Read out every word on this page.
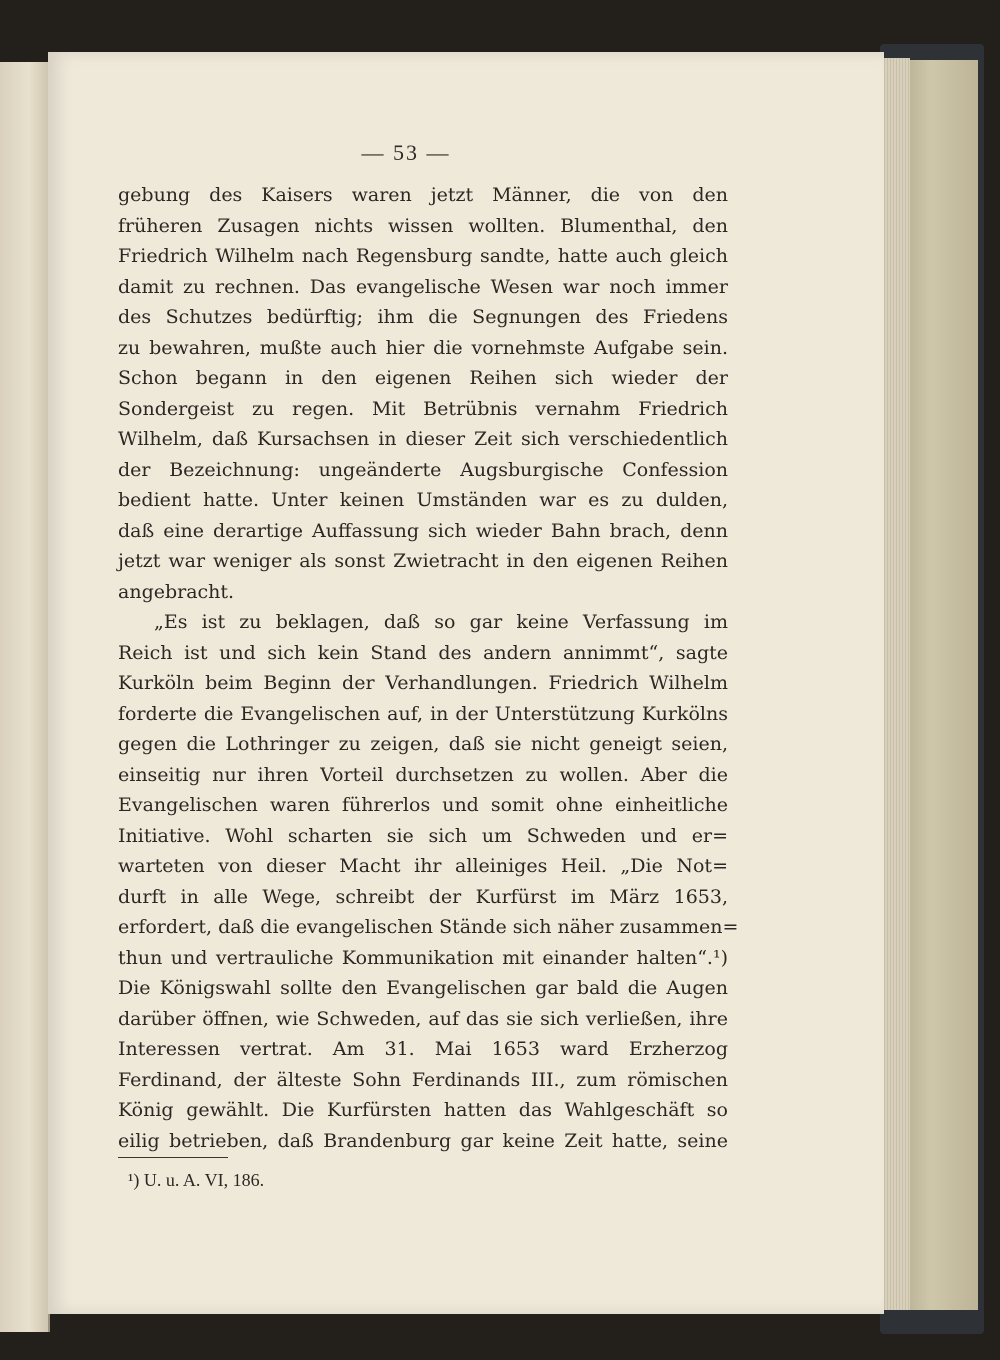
— 53 —
gebung des Kaisers waren jetzt Männer, die von den
früheren Zusagen nichts wissen wollten. Blumenthal, den
Friedrich Wilhelm nach Regensburg sandte, hatte auch gleich
damit zu rechnen. Das evangelische Wesen war noch immer
des Schutzes bedürftig; ihm die Segnungen des Friedens
zu bewahren, mußte auch hier die vornehmste Aufgabe sein.
Schon begann in den eigenen Reihen sich wieder der
Sondergeist zu regen. Mit Betrübnis vernahm Friedrich
Wilhelm, daß Kursachsen in dieser Zeit sich verschiedentlich
der Bezeichnung: ungeänderte Augsburgische Confession
bedient hatte. Unter keinen Umständen war es zu dulden,
daß eine derartige Auffassung sich wieder Bahn brach, denn
jetzt war weniger als sonst Zwietracht in den eigenen Reihen
angebracht.
„Es ist zu beklagen, daß so gar keine Verfassung im
Reich ist und sich kein Stand des andern annimmt“, sagte
Kurköln beim Beginn der Verhandlungen. Friedrich Wilhelm
forderte die Evangelischen auf, in der Unterstützung Kurkölns
gegen die Lothringer zu zeigen, daß sie nicht geneigt seien,
einseitig nur ihren Vorteil durchsetzen zu wollen. Aber die
Evangelischen waren führerlos und somit ohne einheitliche
Initiative. Wohl scharten sie sich um Schweden und er=
warteten von dieser Macht ihr alleiniges Heil. „Die Not=
durft in alle Wege, schreibt der Kurfürst im März 1653,
erfordert, daß die evangelischen Stände sich näher zusammen=
thun und vertrauliche Kommunikation mit einander halten“.¹)
Die Königswahl sollte den Evangelischen gar bald die Augen
darüber öffnen, wie Schweden, auf das sie sich verließen, ihre
Interessen vertrat. Am 31. Mai 1653 ward Erzherzog
Ferdinand, der älteste Sohn Ferdinands III., zum römischen
König gewählt. Die Kurfürsten hatten das Wahlgeschäft so
eilig betrieben, daß Brandenburg gar keine Zeit hatte, seine
¹) U. u. A. VI, 186.
